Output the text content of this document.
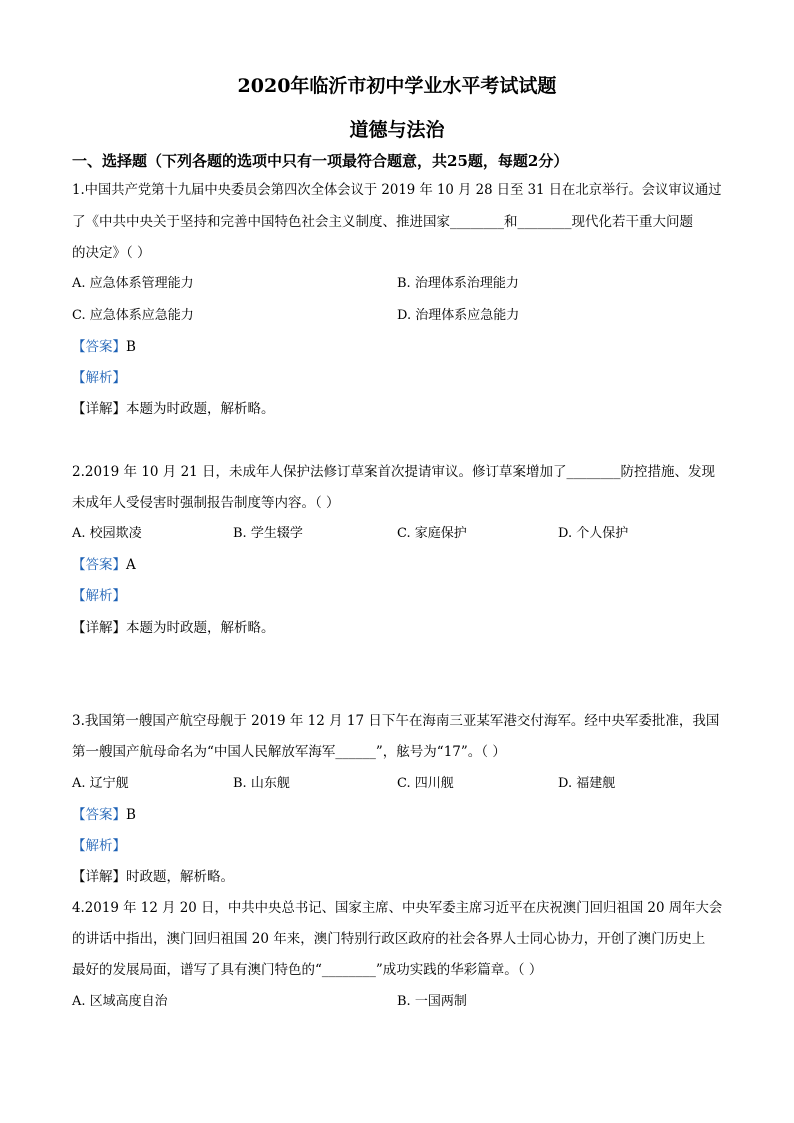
2020年临沂市初中学业水平考试试题
道德与法治
一、选择题（下列各题的选项中只有一项最符合题意，共25题，每题2分）
1.中国共产党第十九届中央委员会第四次全体会议于 2019 年 10 月 28 日至 31 日在北京举行。会议审议通过
了《中共中央关于坚持和完善中国特色社会主义制度、推进国家________和________现代化若干重大问题
的决定》（ ）
A. 应急体系管理能力	B. 治理体系治理能力
C. 应急体系应急能力	D. 治理体系应急能力
【答案】B
【解析】
【详解】本题为时政题，解析略。
2.2019 年 10 月 21 日，未成年人保护法修订草案首次提请审议。修订草案增加了________防控措施、发现
未成年人受侵害时强制报告制度等内容。（ ）
A. 校园欺凌	B. 学生辍学	C. 家庭保护	D. 个人保护
【答案】A
【解析】
【详解】本题为时政题，解析略。
3.我国第一艘国产航空母舰于 2019 年 12 月 17 日下午在海南三亚某军港交付海军。经中央军委批准，我国
第一艘国产航母命名为“中国人民解放军海军______”，舷号为“17”。（ ）
A. 辽宁舰	B. 山东舰	C. 四川舰	D. 福建舰
【答案】B
【解析】
【详解】时政题，解析略。
4.2019 年 12 月 20 日，中共中央总书记、国家主席、中央军委主席习近平在庆祝澳门回归祖国 20 周年大会
的讲话中指出，澳门回归祖国 20 年来，澳门特别行政区政府的社会各界人士同心协力，开创了澳门历史上
最好的发展局面，谱写了具有澳门特色的“________”成功实践的华彩篇章。（ ）
A. 区域高度自治	B. 一国两制
